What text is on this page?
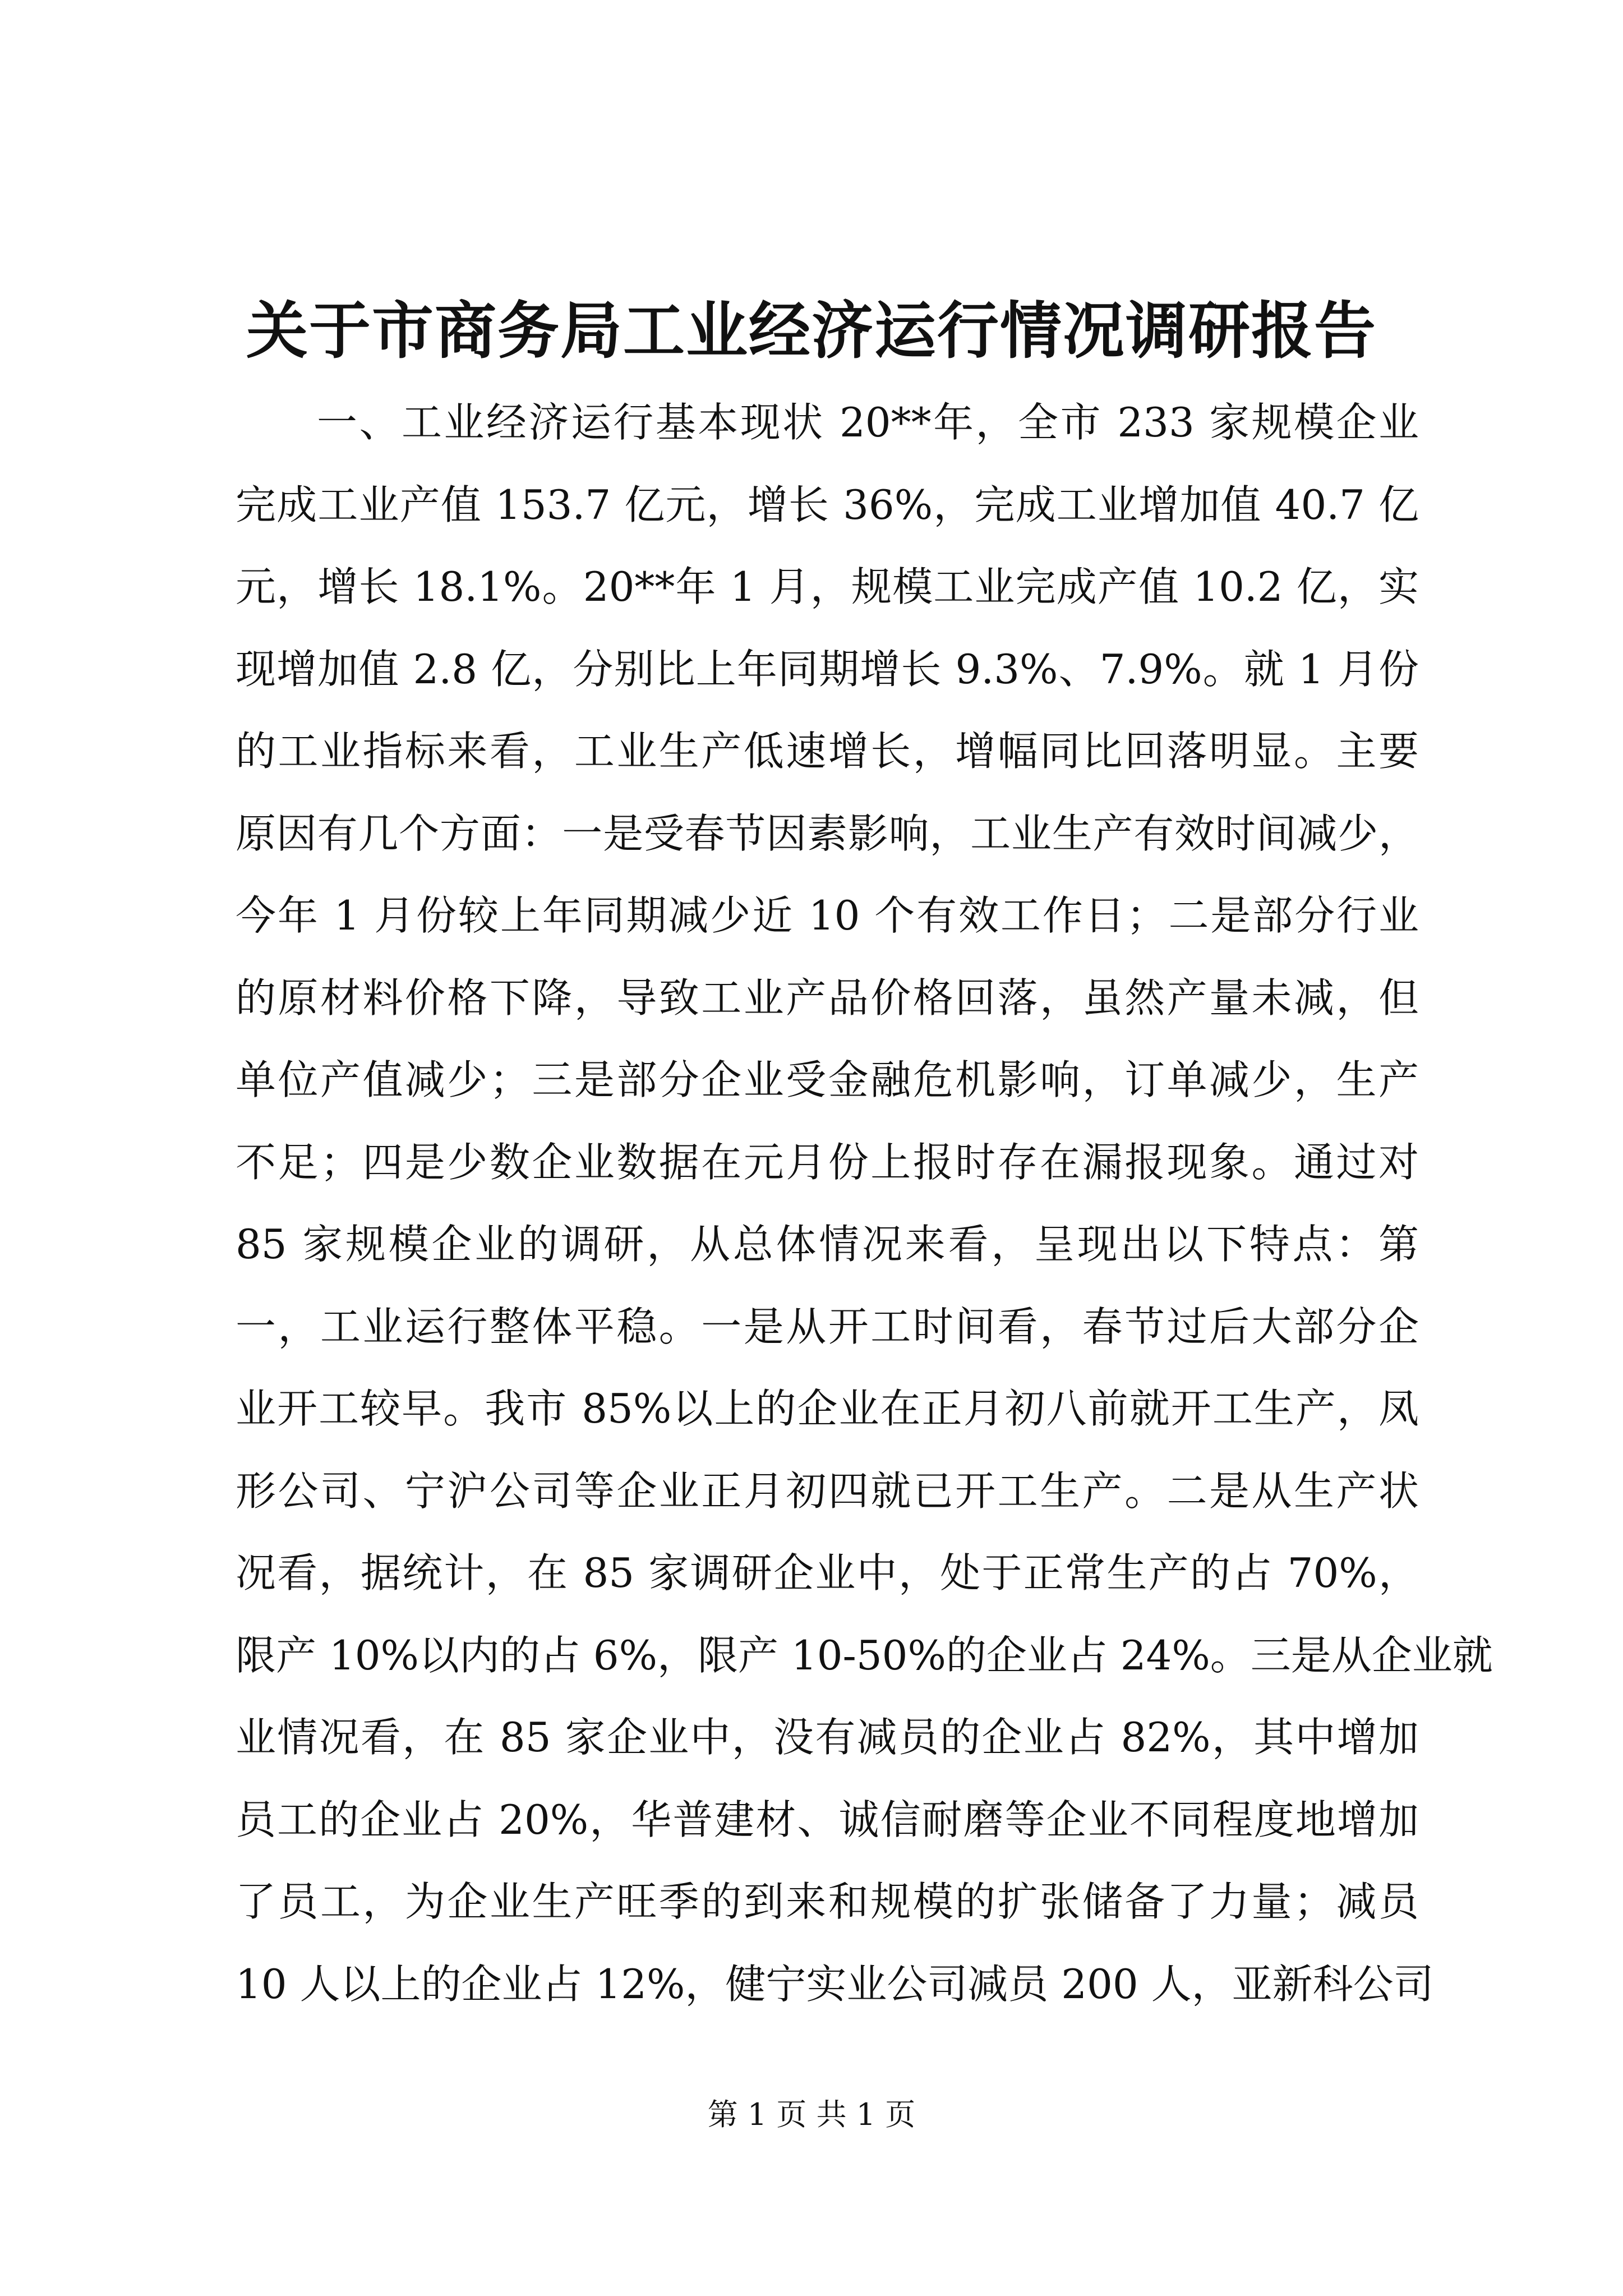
关于市商务局工业经济运行情况调研报告
一、工业经济运行基本现状 20**年，全市 233 家规模企业
完成工业产值 153.7 亿元，增长 36%，完成工业增加值 40.7 亿
元，增长 18.1%。20**年 1 月，规模工业完成产值 10.2 亿，实
现增加值 2.8 亿，分别比上年同期增长 9.3%、7.9%。就 1 月份
的工业指标来看，工业生产低速增长，增幅同比回落明显。主要
原因有几个方面：一是受春节因素影响，工业生产有效时间减少，
今年 1 月份较上年同期减少近 10 个有效工作日；二是部分行业
的原材料价格下降，导致工业产品价格回落，虽然产量未减，但
单位产值减少；三是部分企业受金融危机影响，订单减少，生产
不足；四是少数企业数据在元月份上报时存在漏报现象。通过对
85 家规模企业的调研，从总体情况来看，呈现出以下特点：第
一，工业运行整体平稳。一是从开工时间看，春节过后大部分企
业开工较早。我市 85%以上的企业在正月初八前就开工生产，凤
形公司、宁沪公司等企业正月初四就已开工生产。二是从生产状
况看，据统计，在 85 家调研企业中，处于正常生产的占 70%，
限产 10%以内的占 6%，限产 10-50%的企业占 24%。三是从企业就
业情况看，在 85 家企业中，没有减员的企业占 82%，其中增加
员工的企业占 20%，华普建材、诚信耐磨等企业不同程度地增加
了员工，为企业生产旺季的到来和规模的扩张储备了力量；减员
10 人以上的企业占 12%，健宁实业公司减员 200 人，亚新科公司
第 1 页 共 1 页
